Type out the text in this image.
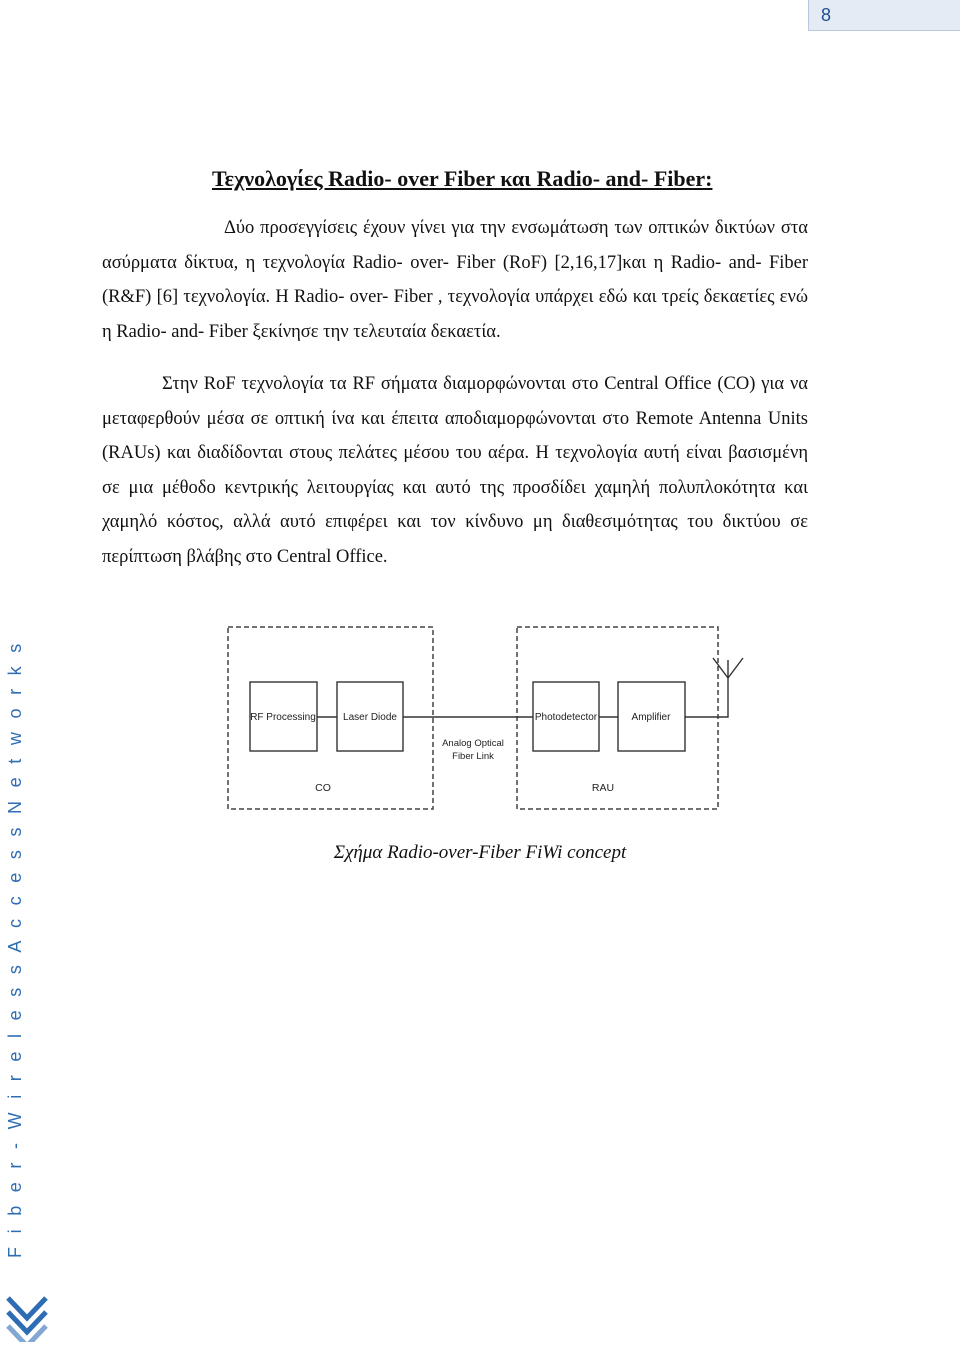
8
Τεχνολογίες Radio- over Fiber και Radio- and- Fiber:

Δύο προσεγγίσεις έχουν γίνει για την ενσωμάτωση των οπτικών δικτύων στα ασύρματα δίκτυα, η τεχνολογία Radio- over- Fiber (RoF) [2,16,17]και η Radio- and- Fiber (R&F) [6] τεχνολογία. Η Radio- over- Fiber , τεχνολογία υπάρχει εδώ και τρείς δεκαετίες ενώ η Radio- and- Fiber ξεκίνησε την τελευταία δεκαετία.

Στην RoF τεχνολογία τα RF σήματα διαμορφώνονται στο Central Office (CO) για να μεταφερθούν μέσα σε οπτική ίνα και έπειτα αποδιαμορφώνονται στο Remote Antenna Units (RAUs) και διαδίδονται στους πελάτες μέσου του αέρα. Η τεχνολογία αυτή είναι βασισμένη σε μια μέθοδο κεντρικής λειτουργίας και αυτό της προσδίδει χαμηλή πολυπλοκότητα και χαμηλό κόστος, αλλά αυτό επιφέρει και τον κίνδυνο μη διαθεσιμότητας του δικτύου σε περίπτωση βλάβης στο Central Office.

RF Processing	Laser Diode	Photodetector	Amplifier
Analog Optical
Fiber Link
CO	RAU

Σχήμα Radio-over-Fiber FiWi concept

F i b e r - W i r e l e s s A c c e s s N e t w o r k s
